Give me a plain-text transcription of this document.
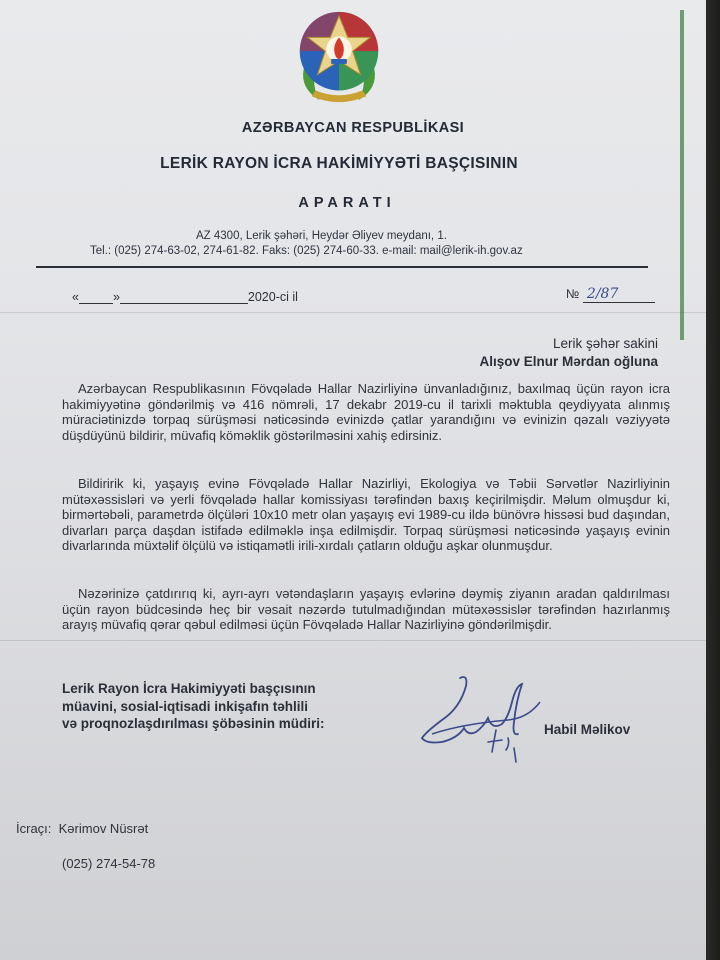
AZƏRBAYCAN RESPUBLİKASI
LERİK RAYON İCRA HAKİMİYYƏTİ BAŞÇISININ
APARATI
AZ 4300, Lerik şəhəri, Heydər Əliyev meydanı, 1.
Tel.: (025) 274-63-02, 274-61-82. Faks: (025) 274-60-33. e-mail: mail@lerik-ih.gov.az
«	»	2020-ci il	№ 2/87
Lerik şəhər sakini
Alışov Elnur Mərdan oğluna

Azərbaycan Respublikasının Fövqəladə Hallar Nazirliyinə ünvanladığınız, baxılmaq üçün rayon icra hakimiyyətinə göndərilmiş və 416 nömrəli, 17 dekabr 2019-cu il tarixli məktubla qeydiyyata alınmış müraciətinizdə torpaq sürüşməsi nəticəsində evinizdə çatlar yarandığını və evinizin qəzalı vəziyyətə düşdüyünü bildirir, müvafiq köməklik göstərilməsini xahiş edirsiniz.

Bildiririk ki, yaşayış evinə Fövqəladə Hallar Nazirliyi, Ekologiya və Təbii Sərvətlər Nazirliyinin mütəxəssisləri və yerli fövqəladə hallar komissiyası tərəfindən baxış keçirilmişdir. Məlum olmuşdur ki, birmərtəbəli, parametrdə ölçüləri 10x10 metr olan yaşayış evi 1989-cu ildə bünövrə hissəsi bud daşından, divarları parça daşdan istifadə edilməklə inşa edilmişdir. Torpaq sürüşməsi nəticəsində yaşayış evinin divarlarında müxtəlif ölçülü və istiqamətli irili-xırdalı çatların olduğu aşkar olunmuşdur.

Nəzərinizə çatdırırıq ki, ayrı-ayrı vətəndaşların yaşayış evlərinə dəymiş ziyanın aradan qaldırılması üçün rayon büdcəsində heç bir vəsait nəzərdə tutulmadığından mütəxəssislər tərəfindən hazırlanmış arayış müvafiq qərar qəbul edilməsi üçün Fövqəladə Hallar Nazirliyinə göndərilmişdir.

Lerik Rayon İcra Hakimiyyəti başçısının
müavini, sosial-iqtisadi inkişafın təhlili
və proqnozlaşdırılması şöbəsinin müdiri:	Habil Məlikov
İcraçı: Kərimov Nüsrət
(025) 274-54-78
